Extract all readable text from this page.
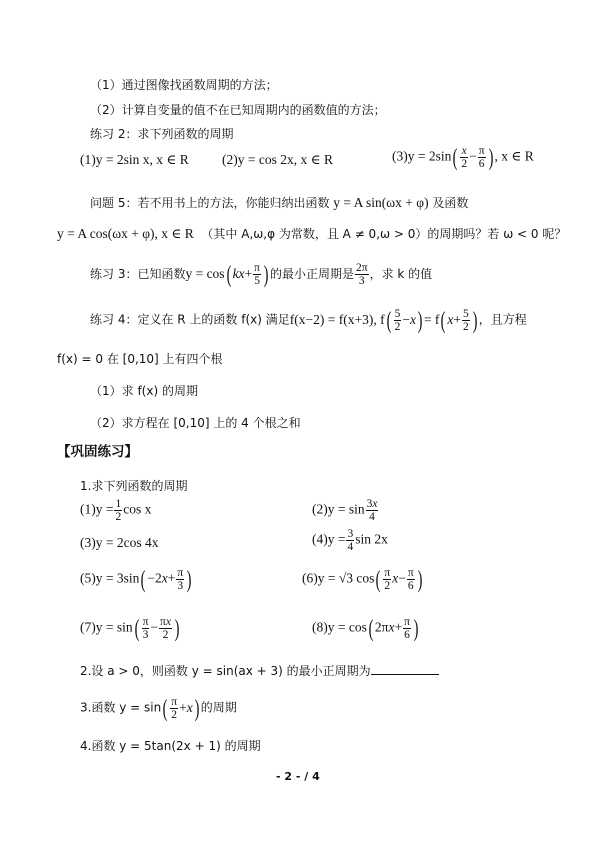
（1）通过图像找函数周期的方法；
（2）计算自变量的值不在已知周期内的函数值的方法；
练习 2：求下列函数的周期
(1)y = 2sin x, x ∈ R (2)y = cos 2x, x ∈ R	$(3)y = 2\sin( \frac{x}{2} - \frac{\pi}{6}$ ) , x ∈ R
问题 5：若不用书上的方法，你能归纳出函数 y = A sin(ωx + φ) 及函数
y = A cos(ωx + φ), x ∈ R （其中 A,ω,φ 为常数，且 A ≠ 0,ω > 0）的周期吗？若 ω < 0 呢？
练习 3：已知函数y = cos( $kx+ \frac{\pi}{5}$ ) 的最小正周期是 $\frac{2\pi}{3}$ ，求 k 的值
练习 4：定义在 R 上的函数 f(x) 满足f(x−2) = f(x+3), $f( \frac{5}{2} -x) = f$( $x+ \frac{5}{2}$ ) ，且方程
f(x) = 0 在 [0,10] 上有四个根
（1）求 f(x) 的周期
（2）求方程在 [0,10] 上的 4 个根之和
【巩固练习】
1.求下列函数的周期
$(1)y = \frac{1}{2}$ cos x	$(2)y = \sin \frac{3x}{4}$
(3)y = 2cos 4x	$(4)y = \frac{3}{4}$ sin 2x
$(5)y = 3\sin( -2x+ \frac{\pi}{3}$ )	(6)y = √3 $\cos( \frac{\pi}{2} x- \frac{\pi}{6}$ )
$(7)y = \sin( \frac{\pi}{3} - \frac{\pi x}{2}$ )	(8)y = cos( $2\pi x+ \frac{\pi}{6}$ )
2.设 a > 0，则函数 y = sin(ax + 3) 的最小正周期为
3.函数 $y = \sin( \frac{\pi}{2} +x)$ 的周期
4.函数 y = 5tan(2x + 1) 的周期
- 2 - / 4
